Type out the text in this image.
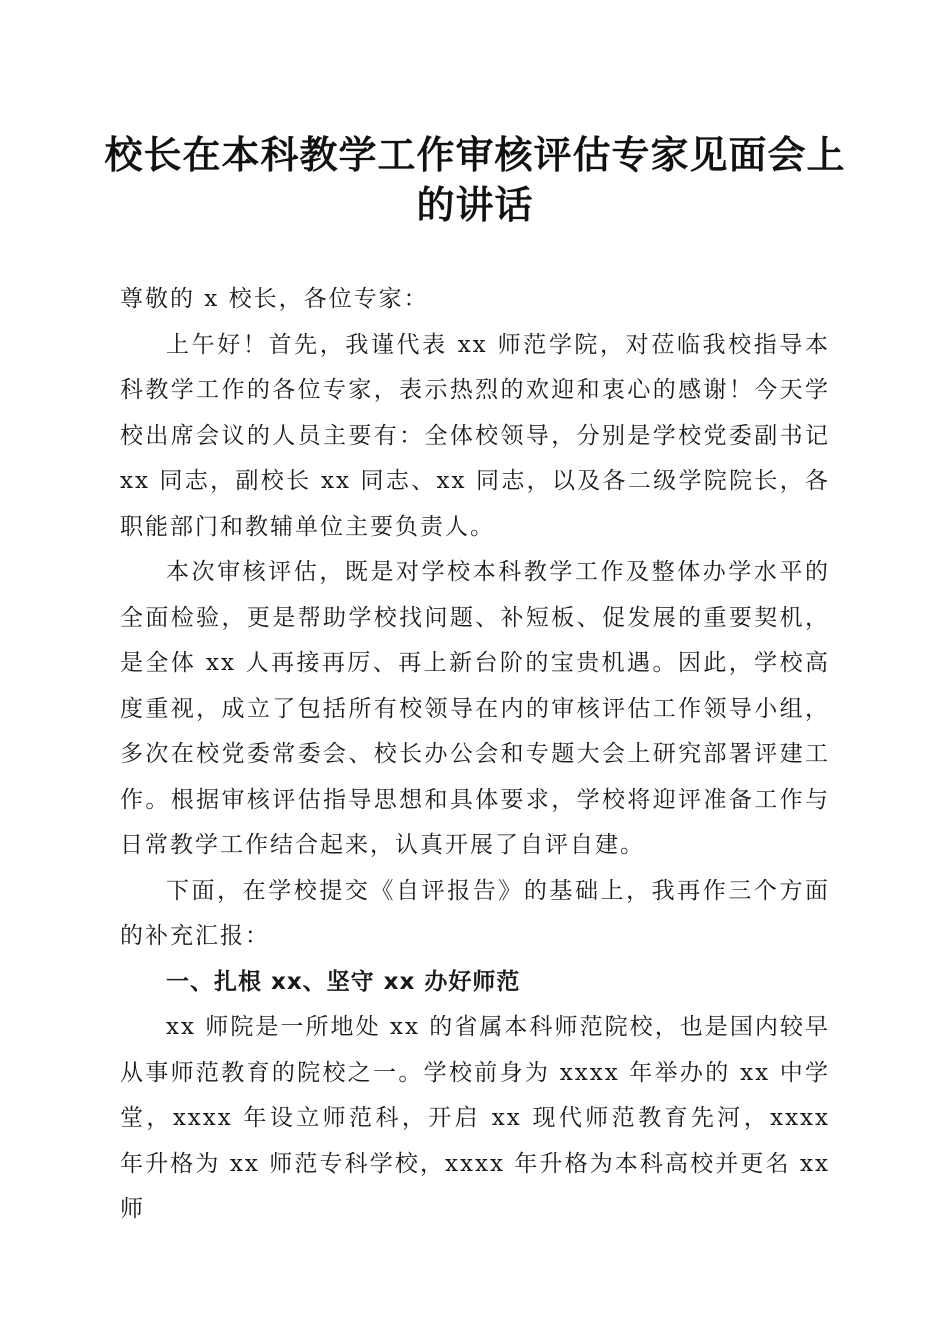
校长在本科教学工作审核评估专家见面会上的讲话

尊敬的 x 校长，各位专家：

上午好！首先，我谨代表 xx 师范学院，对莅临我校指导本科教学工作的各位专家，表示热烈的欢迎和衷心的感谢！今天学校出席会议的人员主要有：全体校领导，分别是学校党委副书记 xx 同志，副校长 xx 同志、xx 同志，以及各二级学院院长，各职能部门和教辅单位主要负责人。

本次审核评估，既是对学校本科教学工作及整体办学水平的全面检验，更是帮助学校找问题、补短板、促发展的重要契机，是全体 xx 人再接再厉、再上新台阶的宝贵机遇。因此，学校高度重视，成立了包括所有校领导在内的审核评估工作领导小组，多次在校党委常委会、校长办公会和专题大会上研究部署评建工作。根据审核评估指导思想和具体要求，学校将迎评准备工作与日常教学工作结合起来，认真开展了自评自建。

下面，在学校提交《自评报告》的基础上，我再作三个方面的补充汇报：

一、扎根 xx、坚守 xx 办好师范

xx 师院是一所地处 xx 的省属本科师范院校，也是国内较早从事师范教育的院校之一。学校前身为 xxxx 年举办的 xx 中学堂，xxxx 年设立师范科，开启 xx 现代师范教育先河，xxxx 年升格为 xx 师范专科学校，xxxx 年升格为本科高校并更名 xx 师
